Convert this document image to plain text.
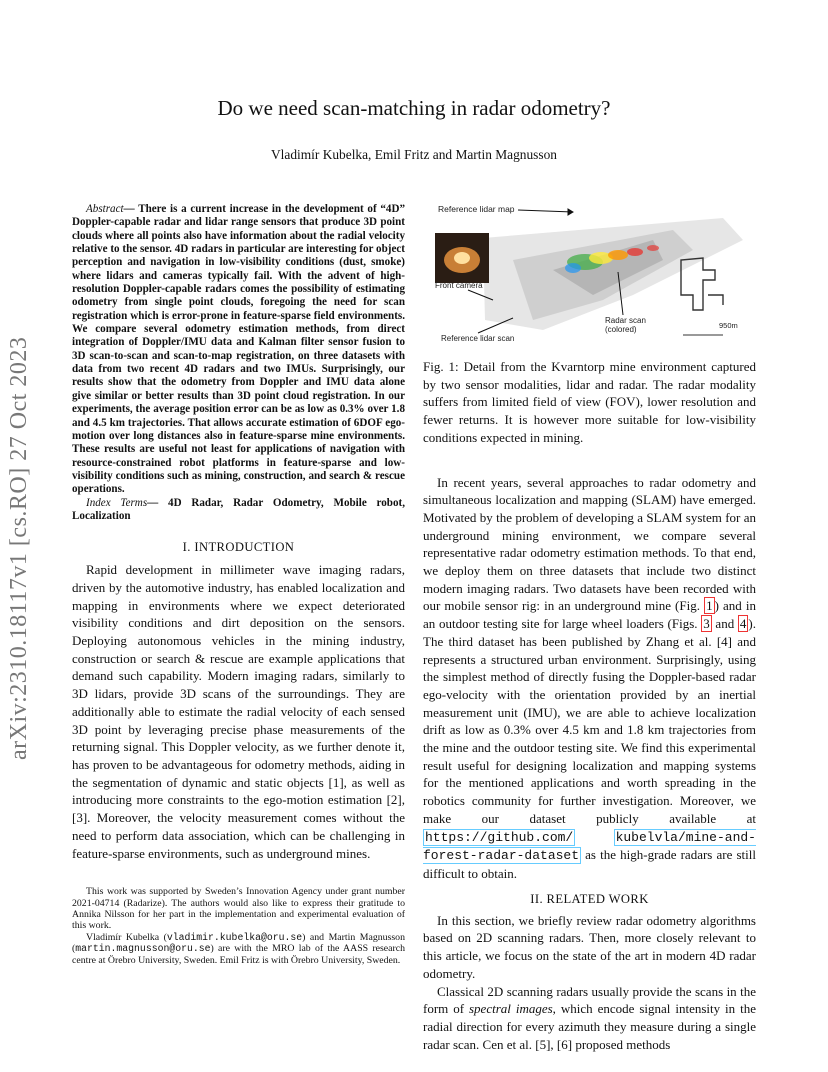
arXiv:2310.18117v1 [cs.RO] 27 Oct 2023
Do we need scan-matching in radar odometry?
Vladimír Kubelka, Emil Fritz and Martin Magnusson
Abstract— There is a current increase in the development of “4D” Doppler-capable radar and lidar range sensors that produce 3D point clouds where all points also have information about the radial velocity relative to the sensor. 4D radars in particular are interesting for object perception and navigation in low-visibility conditions (dust, smoke) where lidars and cameras typically fail. With the advent of high-resolution Doppler-capable radars comes the possibility of estimating odometry from single point clouds, foregoing the need for scan registration which is error-prone in feature-sparse field environments. We compare several odometry estimation methods, from direct integration of Doppler/IMU data and Kalman filter sensor fusion to 3D scan-to-scan and scan-to-map registration, on three datasets with data from two recent 4D radars and two IMUs. Surprisingly, our results show that the odometry from Doppler and IMU data alone give similar or better results than 3D point cloud registration. In our experiments, the average position error can be as low as 0.3% over 1.8 and 4.5 km trajectories. That allows accurate estimation of 6DOF ego-motion over long distances also in feature-sparse mine environments. These results are useful not least for applications of navigation with resource-constrained robot platforms in feature-sparse and low-visibility conditions such as mining, construction, and search & rescue operations.
Index Terms— 4D Radar, Radar Odometry, Mobile robot, Localization
I. INTRODUCTION
Rapid development in millimeter wave imaging radars, driven by the automotive industry, has enabled localization and mapping in environments where we expect deteriorated visibility conditions and dirt deposition on the sensors. Deploying autonomous vehicles in the mining industry, construction or search & rescue are example applications that demand such capability. Modern imaging radars, similarly to 3D lidars, provide 3D scans of the surroundings. They are additionally able to estimate the radial velocity of each sensed 3D point by leveraging precise phase measurements of the returning signal. This Doppler velocity, as we further denote it, has proven to be advantageous for odometry methods, aiding in the segmentation of dynamic and static objects [1], as well as introducing more constraints to the ego-motion estimation [2], [3]. Moreover, the velocity measurement comes without the need to perform data association, which can be challenging in feature-sparse environments, such as underground mines.
This work was supported by Sweden’s Innovation Agency under grant number 2021-04714 (Radarize). The authors would also like to express their gratitude to Annika Nilsson for her part in the implementation and experimental evaluation of this work.
Vladimír Kubelka (vladimir.kubelka@oru.se) and Martin Magnusson (martin.magnusson@oru.se) are with the MRO lab of the AASS research centre at Örebro University, Sweden. Emil Fritz is with Örebro University, Sweden.
Reference lidar map
Front camera
Radar scan
(colored)
Reference lidar scan
950m
Fig. 1: Detail from the Kvarntorp mine environment captured by two sensor modalities, lidar and radar. The radar modality suffers from limited field of view (FOV), lower resolution and fewer returns. It is however more suitable for low-visibility conditions expected in mining.
In recent years, several approaches to radar odometry and simultaneous localization and mapping (SLAM) have emerged. Motivated by the problem of developing a SLAM system for an underground mining environment, we compare several representative radar odometry estimation methods. To that end, we deploy them on three datasets that include two distinct modern imaging radars. Two datasets have been recorded with our mobile sensor rig: in an underground mine (Fig. 1 ) and in an outdoor testing site for large wheel loaders (Figs. 3 and 4 ). The third dataset has been published by Zhang et al. [4] and represents a structured urban environment. Surprisingly, using the simplest method of directly fusing the Doppler-based radar ego-velocity with the orientation provided by an inertial measurement unit (IMU), we are able to achieve localization drift as low as 0.3% over 4.5 km and 1.8 km trajectories from the mine and the outdoor testing site. We find this experimental result useful for designing localization and mapping systems for the mentioned applications and worth spreading in the robotics community for further investigation. Moreover, we make our dataset publicly available at https://github.com/	kubelvla/mine-and-forest-radar-dataset as the high-grade radars are still difficult to obtain.
II. RELATED WORK
In this section, we briefly review radar odometry algorithms based on 2D scanning radars. Then, more closely relevant to this article, we focus on the state of the art in modern 4D radar odometry.
Classical 2D scanning radars usually provide the scans in the form of spectral images, which encode signal intensity in the radial direction for every azimuth they measure during a single radar scan. Cen et al. [5], [6] proposed methods
